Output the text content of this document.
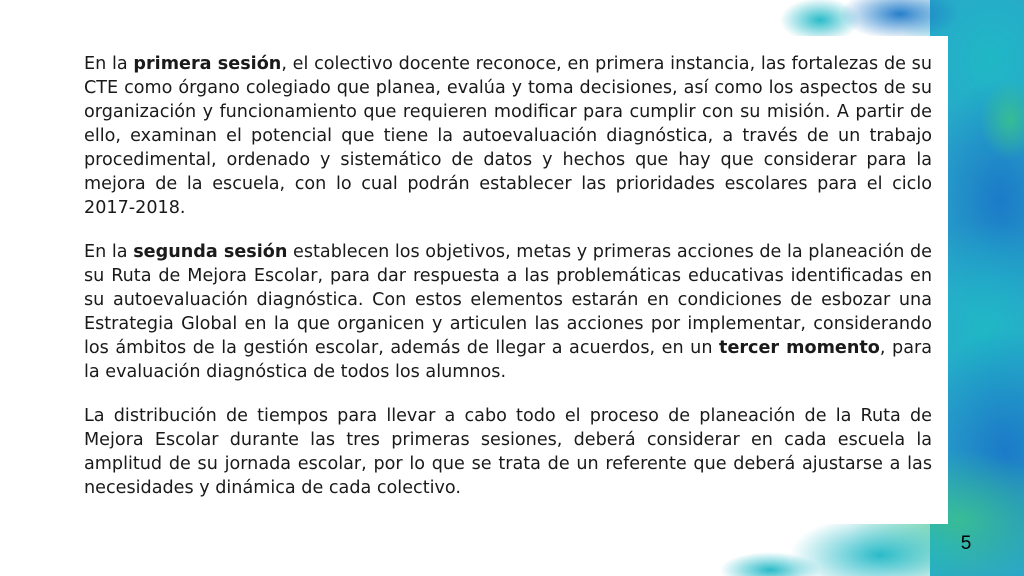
En la primera sesión, el colectivo docente reconoce, en primera instancia, las fortalezas de su CTE como órgano colegiado que planea, evalúa y toma decisiones, así como los aspectos de su organización y funcionamiento que requieren modificar para cumplir con su misión. A partir de ello, examinan el potencial que tiene la autoevaluación diagnóstica, a través de un trabajo procedimental, ordenado y sistemático de datos y hechos que hay que considerar para la mejora de la escuela, con lo cual podrán establecer las prioridades escolares para el ciclo 2017-2018.

En la segunda sesión establecen los objetivos, metas y primeras acciones de la planeación de su Ruta de Mejora Escolar, para dar respuesta a las problemáticas educativas identificadas en su autoevaluación diagnóstica. Con estos elementos estarán en condiciones de esbozar una Estrategia Global en la que organicen y articulen las acciones por implementar, considerando los ámbitos de la gestión escolar, además de llegar a acuerdos, en un tercer momento, para la evaluación diagnóstica de todos los alumnos.

La distribución de tiempos para llevar a cabo todo el proceso de planeación de la Ruta de Mejora Escolar durante las tres primeras sesiones, deberá considerar en cada escuela la amplitud de su jornada escolar, por lo que se trata de un referente que deberá ajustarse a las necesidades y dinámica de cada colectivo.

5
